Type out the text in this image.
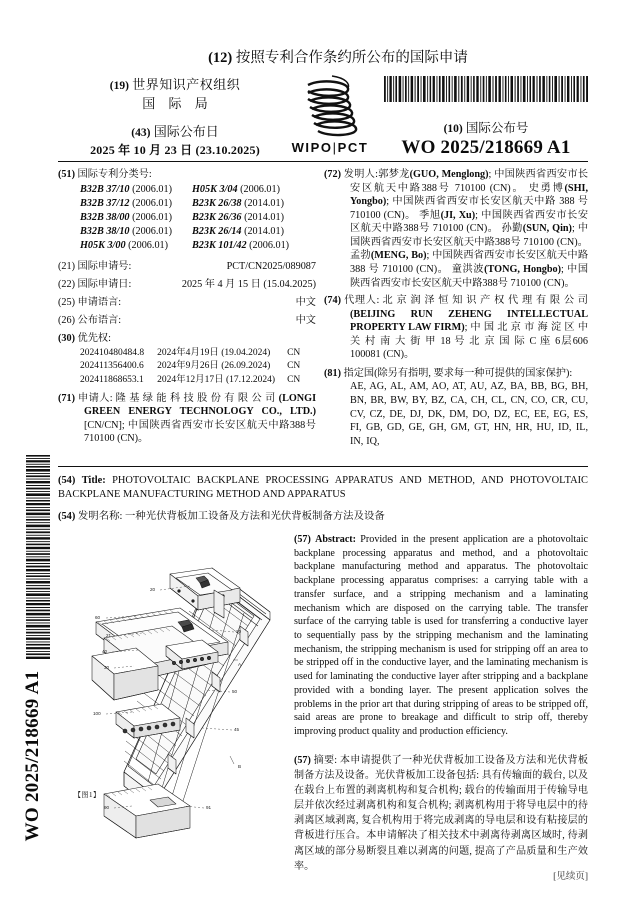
WO 2025/218669 A1
(12) 按照专利合作条约所公布的国际申请
(19) 世界知识产权组织
国 际 局
(43) 国际公布日
2025 年 10 月 23 日 (23.10.2025)	WIPO|PCT
(10) 国际公布号
WO 2025/218669 A1
(51) 国际专利分类号:
B32B 37/10 (2006.01)	H05K 3/04 (2006.01)
B32B 37/12 (2006.01)	B23K 26/38 (2014.01)
B32B 38/00 (2006.01)	B23K 26/36 (2014.01)
B32B 38/10 (2006.01)	B23K 26/14 (2014.01)
H05K 3/00 (2006.01)	B23K 101/42 (2006.01)
(21) 国际申请号:	PCT/CN2025/089087
(22) 国际申请日:	2025 年 4 月 15 日 (15.04.2025)
(25) 申请语言:	中文
(26) 公布语言:	中文
(30) 优先权:
202410480484.8	2024年4月19日 (19.04.2024)	CN
202411356400.6	2024年9月26日 (26.09.2024)	CN
202411868653.1	2024年12月17日 (17.12.2024)	CN
(71) 申请人: 隆 基 绿 能 科 技 股 份 有 限 公 司 (LONGI GREEN ENERGY TECHNOLOGY CO., LTD.) [CN/CN]; 中国陕西省西安市长安区航天中路388号 710100 (CN)。
(72) 发明人:郭梦龙(GUO, Menglong); 中国陕西省西安市长安区航天中路388号 710100 (CN)。 史勇博(SHI, Yongbo); 中国陕西省西安市长安区航天中路 388 号 710100 (CN)。 季旭(JI, Xu); 中国陕西省西安市长安区航天中路388号 710100 (CN)。 孙勤(SUN, Qin); 中国陕西省西安市长安区航天中路388号 710100 (CN)。 孟勃(MENG, Bo); 中国陕西省西安市长安区航天中路 388 号 710100 (CN)。 童洪波(TONG, Hongbo); 中国陕西省西安市长安区航天中路388号 710100 (CN)。
(74) 代理人: 北 京 润 泽 恒 知 识 产 权 代 理 有 限 公 司 (BEIJING RUN ZEHENG INTELLECTUAL PROPERTY LAW FIRM); 中 国 北 京 市 海 淀 区 中 关 村 南 大 街 甲 18 号 北 京 国 际 C 座 6层606 100081 (CN)。
(81) 指定国(除另有指明, 要求每一种可提供的国家保护):
AE, AG, AL, AM, AO, AT, AU, AZ, BA, BB, BG, BH, BN, BR, BW, BY, BZ, CA, CH, CL, CN, CO, CR, CU, CV, CZ, DE, DJ, DK, DM, DO, DZ, EC, EE, EG, ES, FI, GB, GD, GE, GH, GM, GT, HN, HR, HU, ID, IL, IN, IQ,
(54) Title: PHOTOVOLTAIC BACKPLANE PROCESSING APPARATUS AND METHOD, AND PHOTOVOLTAIC BACKPLANE MANUFACTURING METHOD AND APPARATUS
(54) 发明名称: 一种光伏背板加工设备及方法和光伏背板制备方法及设备
(57) Abstract: Provided in the present application are a photovoltaic backplane processing apparatus and method, and a photovoltaic backplane manufacturing method and apparatus. The photovoltaic backplane processing apparatus comprises: a carrying table with a transfer surface, and a stripping mechanism and a laminating mechanism which are disposed on the carrying table. The transfer surface of the carrying table is used for transferring a conductive layer to sequentially pass by the stripping mechanism and the laminating mechanism, the stripping mechanism is used for stripping off an area to be stripped off in the conductive layer, and the laminating mechanism is used for laminating the conductive layer after stripping and a backplane provided with a bonding layer. The present application solves the problems in the prior art that during stripping of areas to be stripped off, said areas are prone to breakage and difficult to strip off, thereby improving product quality and production efficiency.
(57) 摘要: 本申请提供了一种光伏背板加工设备及方法和光伏背板制备方法及设备。光伏背板加工设备包括: 具有传输面的载台, 以及在载台上布置的剥离机构和复合机构; 载台的传输面用于传输导电层并依次经过剥离机构和复合机构; 剥离机构用于将导电层中的待剥离区域剥离, 复合机构用于将完成剥离的导电层和设有粘接层的背板进行压合。本申请解决了相关技术中剥离待剥离区域时, 待剥离区域的部分易断裂且难以剥离的问题, 提高了产品质量和生产效率。
20
60
21
40
30
100
20
50
45
90	91
A
B
【图1】
[见续页]
